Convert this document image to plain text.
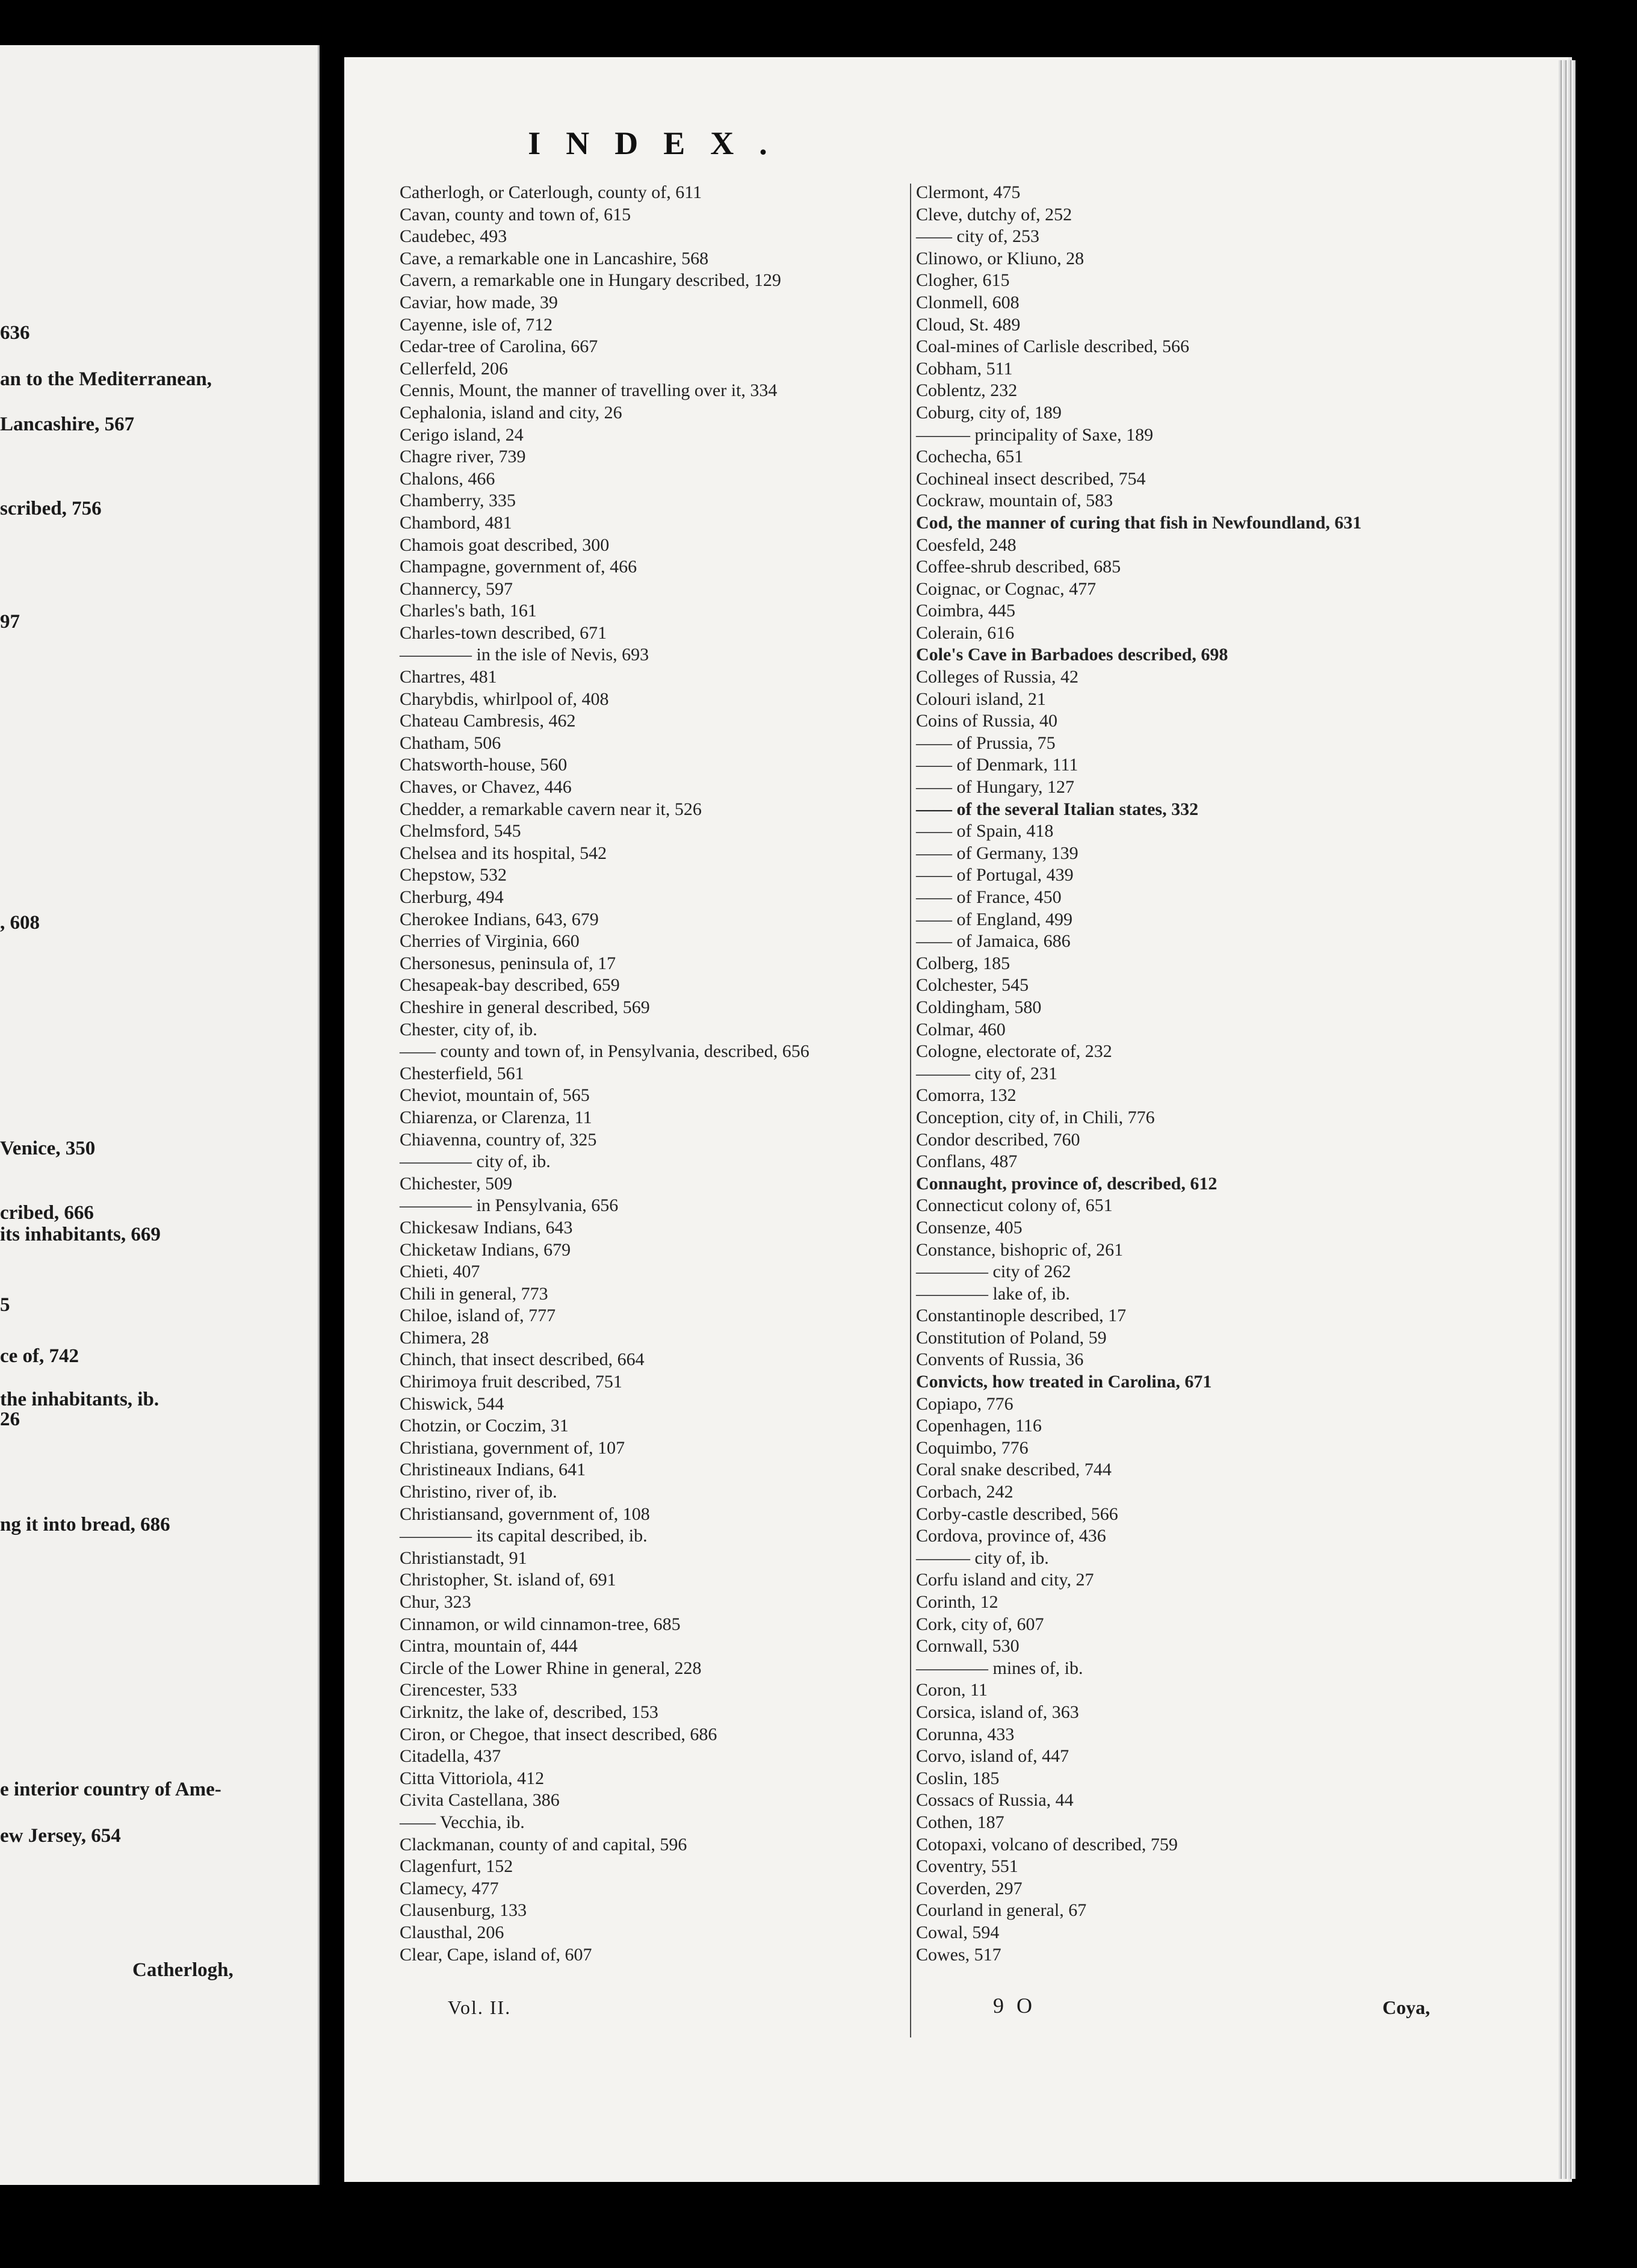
636
an to the Mediterranean,
Lancashire, 567
scribed, 756
97
, 608
Venice, 350
cribed, 666
its inhabitants, 669
5
ce of, 742
the inhabitants, ib.
26
ng it into bread, 686
e interior country of Ame-
ew Jersey, 654
Catherlogh,
INDEX.
Catherlogh, or Caterlough, county of, 611
Cavan, county and town of, 615
Caudebec, 493
Cave, a remarkable one in Lancashire, 568
Cavern, a remarkable one in Hungary described, 129
Caviar, how made, 39
Cayenne, isle of, 712
Cedar-tree of Carolina, 667
Cellerfeld, 206
Cennis, Mount, the manner of travelling over it, 334
Cephalonia, island and city, 26
Cerigo island, 24
Chagre river, 739
Chalons, 466
Chamberry, 335
Chambord, 481
Chamois goat described, 300
Champagne, government of, 466
Channercy, 597
Charles's bath, 161
Charles-town described, 671
———— in the isle of Nevis, 693
Chartres, 481
Charybdis, whirlpool of, 408
Chateau Cambresis, 462
Chatham, 506
Chatsworth-house, 560
Chaves, or Chavez, 446
Chedder, a remarkable cavern near it, 526
Chelmsford, 545
Chelsea and its hospital, 542
Chepstow, 532
Cherburg, 494
Cherokee Indians, 643, 679
Cherries of Virginia, 660
Chersonesus, peninsula of, 17
Chesapeak-bay described, 659
Cheshire in general described, 569
Chester, city of, ib.
—— county and town of, in Pensylvania, described, 656
Chesterfield, 561
Cheviot, mountain of, 565
Chiarenza, or Clarenza, 11
Chiavenna, country of, 325
———— city of, ib.
Chichester, 509
———— in Pensylvania, 656
Chickesaw Indians, 643
Chicketaw Indians, 679
Chieti, 407
Chili in general, 773
Chiloe, island of, 777
Chimera, 28
Chinch, that insect described, 664
Chirimoya fruit described, 751
Chiswick, 544
Chotzin, or Coczim, 31
Christiana, government of, 107
Christineaux Indians, 641
Christino, river of, ib.
Christiansand, government of, 108
———— its capital described, ib.
Christianstadt, 91
Christopher, St. island of, 691
Chur, 323
Cinnamon, or wild cinnamon-tree, 685
Cintra, mountain of, 444
Circle of the Lower Rhine in general, 228
Cirencester, 533
Cirknitz, the lake of, described, 153
Ciron, or Chegoe, that insect described, 686
Citadella, 437
Citta Vittoriola, 412
Civita Castellana, 386
—— Vecchia, ib.
Clackmanan, county of and capital, 596
Clagenfurt, 152
Clamecy, 477
Clausenburg, 133
Clausthal, 206
Clear, Cape, island of, 607
Clermont, 475
Cleve, dutchy of, 252
—— city of, 253
Clinowo, or Kliuno, 28
Clogher, 615
Clonmell, 608
Cloud, St. 489
Coal-mines of Carlisle described, 566
Cobham, 511
Coblentz, 232
Coburg, city of, 189
——— principality of Saxe, 189
Cochecha, 651
Cochineal insect described, 754
Cockraw, mountain of, 583
Cod, the manner of curing that fish in Newfoundland, 631
Coesfeld, 248
Coffee-shrub described, 685
Coignac, or Cognac, 477
Coimbra, 445
Colerain, 616
Cole's Cave in Barbadoes described, 698
Colleges of Russia, 42
Colouri island, 21
Coins of Russia, 40
—— of Prussia, 75
—— of Denmark, 111
—— of Hungary, 127
—— of the several Italian states, 332
—— of Spain, 418
—— of Germany, 139
—— of Portugal, 439
—— of France, 450
—— of England, 499
—— of Jamaica, 686
Colberg, 185
Colchester, 545
Coldingham, 580
Colmar, 460
Cologne, electorate of, 232
——— city of, 231
Comorra, 132
Conception, city of, in Chili, 776
Condor described, 760
Conflans, 487
Connaught, province of, described, 612
Connecticut colony of, 651
Consenze, 405
Constance, bishopric of, 261
———— city of 262
———— lake of, ib.
Constantinople described, 17
Constitution of Poland, 59
Convents of Russia, 36
Convicts, how treated in Carolina, 671
Copiapo, 776
Copenhagen, 116
Coquimbo, 776
Coral snake described, 744
Corbach, 242
Corby-castle described, 566
Cordova, province of, 436
——— city of, ib.
Corfu island and city, 27
Corinth, 12
Cork, city of, 607
Cornwall, 530
———— mines of, ib.
Coron, 11
Corsica, island of, 363
Corunna, 433
Corvo, island of, 447
Coslin, 185
Cossacs of Russia, 44
Cothen, 187
Cotopaxi, volcano of described, 759
Coventry, 551
Coverden, 297
Courland in general, 67
Cowal, 594
Cowes, 517
Vol. II.	9 O	Coya,
